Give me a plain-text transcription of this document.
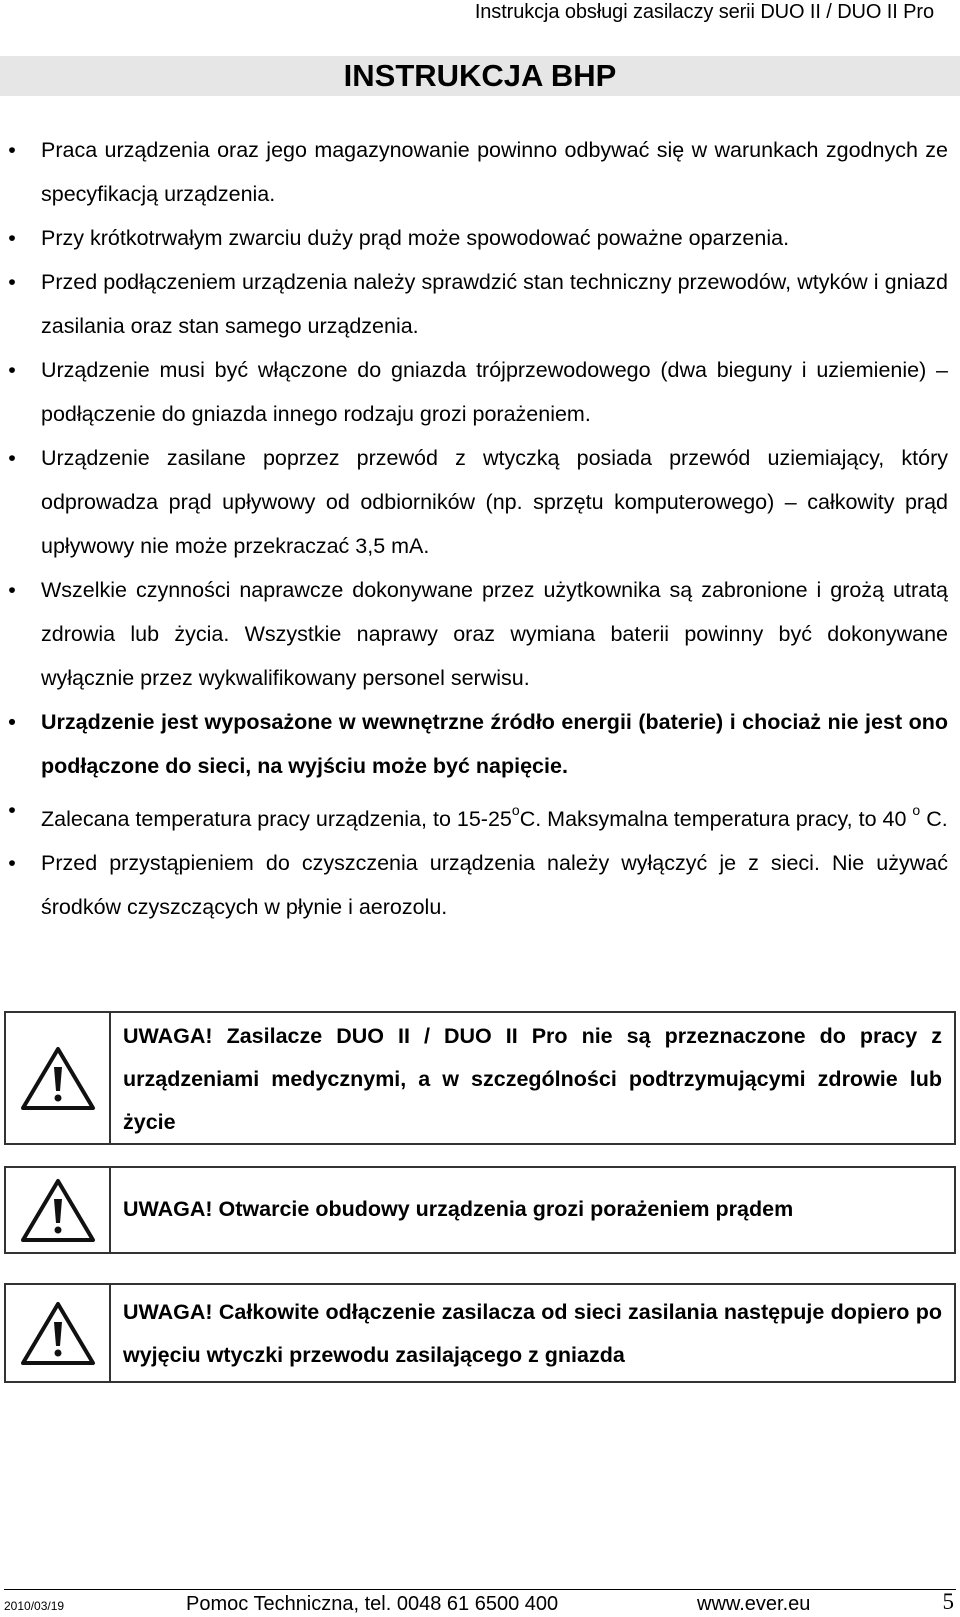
Instrukcja obsługi zasilaczy serii DUO II / DUO II Pro
INSTRUKCJA BHP
• Praca urządzenia oraz jego magazynowanie powinno odbywać się w warunkach zgodnych ze specyfikacją urządzenia.
• Przy krótkotrwałym zwarciu duży prąd może spowodować poważne oparzenia.
• Przed podłączeniem urządzenia należy sprawdzić stan techniczny przewodów, wtyków i gniazd zasilania oraz stan samego urządzenia.
• Urządzenie musi być włączone do gniazda trójprzewodowego (dwa bieguny i uziemienie) – podłączenie do gniazda innego rodzaju grozi porażeniem.
• Urządzenie zasilane poprzez przewód z wtyczką posiada przewód uziemiający, który odprowadza prąd upływowy od odbiorników (np. sprzętu komputerowego) – całkowity prąd upływowy nie może przekraczać 3,5 mA.
• Wszelkie czynności naprawcze dokonywane przez użytkownika są zabronione i grożą utratą zdrowia lub życia. Wszystkie naprawy oraz wymiana baterii powinny być dokonywane wyłącznie przez wykwalifikowany personel serwisu.
• Urządzenie jest wyposażone w wewnętrzne źródło energii (baterie) i chociaż nie jest ono podłączone do sieci, na wyjściu może być napięcie.
• Zalecana temperatura pracy urządzenia, to 15-25$^o$C. Maksymalna temperatura pracy, to 40 $^o$ C.
• Przed przystąpieniem do czyszczenia urządzenia należy wyłączyć je z sieci. Nie używać środków czyszczących w płynie i aerozolu.
UWAGA! Zasilacze DUO II / DUO II Pro nie są przeznaczone do pracy z urządzeniami medycznymi, a w szczególności podtrzymującymi zdrowie lub życie
UWAGA! Otwarcie obudowy urządzenia grozi porażeniem prądem
UWAGA! Całkowite odłączenie zasilacza od sieci zasilania następuje dopiero po wyjęciu wtyczki przewodu zasilającego z gniazda
2010/03/19	Pomoc Techniczna, tel. 0048 61 6500 400	www.ever.eu	5
